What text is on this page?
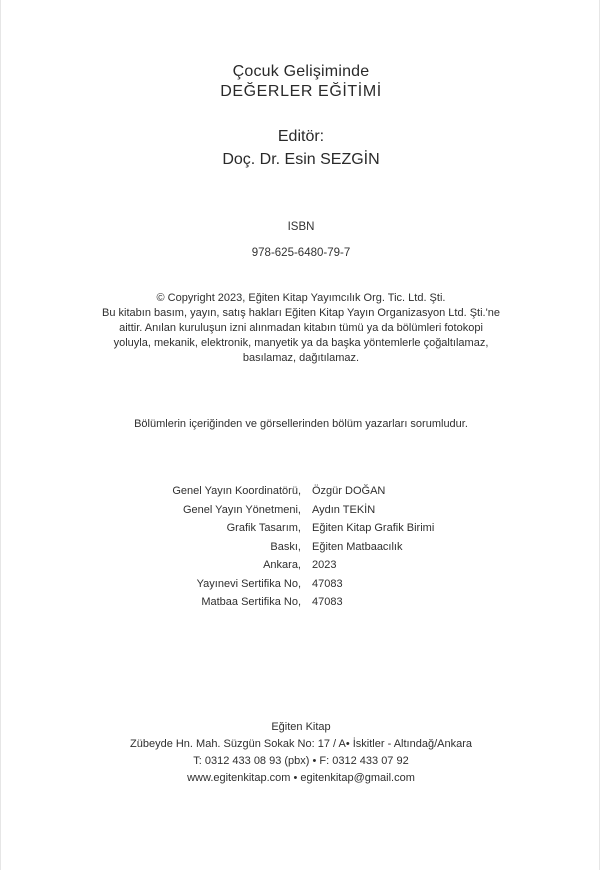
Çocuk Gelişiminde
DEĞERLER EĞİTİMİ
Editör:
Doç. Dr. Esin SEZGİN
ISBN
978-625-6480-79-7
© Copyright 2023, Eğiten Kitap Yayımcılık Org. Tic. Ltd. Şti.
Bu kitabın basım, yayın, satış hakları Eğiten Kitap Yayın Organizasyon Ltd. Şti.'ne
aittir. Anılan kuruluşun izni alınmadan kitabın tümü ya da bölümleri fotokopi
yoluyla, mekanik, elektronik, manyetik ya da başka yöntemlerle çoğaltılamaz,
basılamaz, dağıtılamaz.
Bölümlerin içeriğinden ve görsellerinden bölüm yazarları sorumludur.
Genel Yayın Koordinatörü, Özgür DOĞAN
Genel Yayın Yönetmeni, Aydın TEKİN
Grafik Tasarım, Eğiten Kitap Grafik Birimi
Baskı, Eğiten Matbaacılık
Ankara, 2023
Yayınevi Sertifika No, 47083
Matbaa Sertifika No, 47083
Eğiten Kitap
Zübeyde Hn. Mah. Süzgün Sokak No: 17 / A• İskitler - Altındağ/Ankara
T: 0312 433 08 93 (pbx) • F: 0312 433 07 92
www.egitenkitap.com • egitenkitap@gmail.com
